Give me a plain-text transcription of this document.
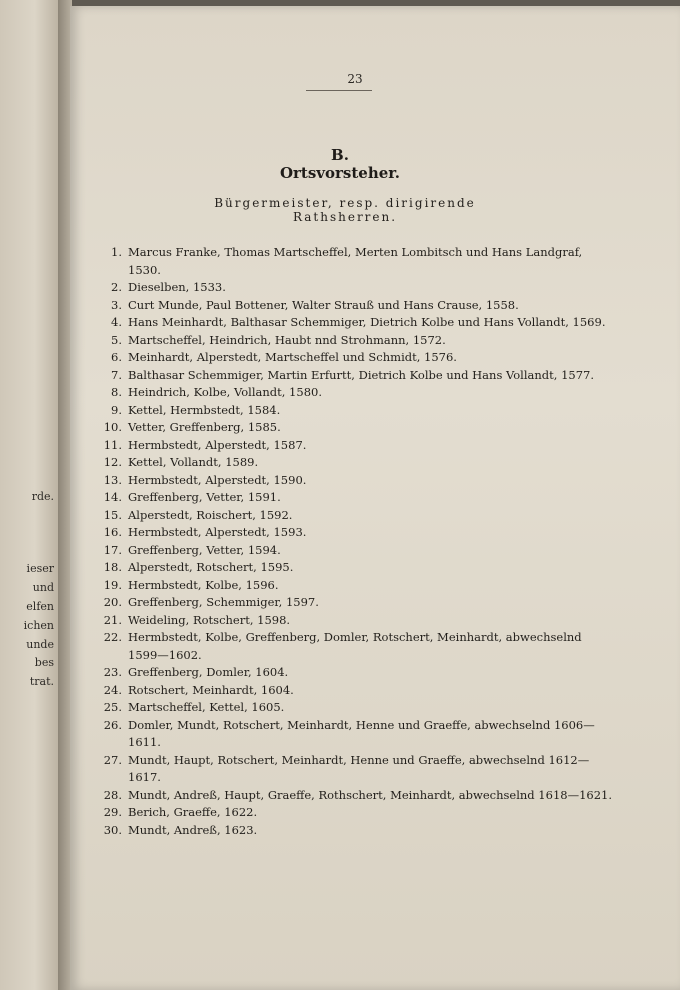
rde.
ieser
und
elfen
ichen
unde
bes
trat.
23
B. Ortsvorsteher.
Bürgermeister, resp. dirigirende Rathsherren.

1. Marcus Franke, Thomas Martscheffel, Merten Lombitsch und Hans Landgraf, 1530.

2. Dieselben, 1533.

3. Curt Munde, Paul Bottener, Walter Strauß und Hans Crause, 1558.

4. Hans Meinhardt, Balthasar Schemmiger, Dietrich Kolbe und Hans Vollandt, 1569.

5. Martscheffel, Heindrich, Haubt nnd Strohmann, 1572.

6. Meinhardt, Alperstedt, Martscheffel und Schmidt, 1576.

7. Balthasar Schemmiger, Martin Erfurtt, Dietrich Kolbe und Hans Vollandt, 1577.

8. Heindrich, Kolbe, Vollandt, 1580.

9. Kettel, Hermbstedt, 1584.

10. Vetter, Greffenberg, 1585.

11. Hermbstedt, Alperstedt, 1587.

12. Kettel, Vollandt, 1589.

13. Hermbstedt, Alperstedt, 1590.

14. Greffenberg, Vetter, 1591.

15. Alperstedt, Roischert, 1592.

16. Hermbstedt, Alperstedt, 1593.

17. Greffenberg, Vetter, 1594.

18. Alperstedt, Rotschert, 1595.

19. Hermbstedt, Kolbe, 1596.

20. Greffenberg, Schemmiger, 1597.

21. Weideling, Rotschert, 1598.

22. Hermbstedt, Kolbe, Greffenberg, Domler, Rotschert, Meinhardt, abwechselnd 1599—1602.

23. Greffenberg, Domler, 1604.

24. Rotschert, Meinhardt, 1604.

25. Martscheffel, Kettel, 1605.

26. Domler, Mundt, Rotschert, Meinhardt, Henne und Graeffe, abwechselnd 1606—1611.

27. Mundt, Haupt, Rotschert, Meinhardt, Henne und Graeffe, abwechselnd 1612—1617.

28. Mundt, Andreß, Haupt, Graeffe, Rothschert, Meinhardt, abwechselnd 1618—1621.

29. Berich, Graeffe, 1622.

30. Mundt, Andreß, 1623.
